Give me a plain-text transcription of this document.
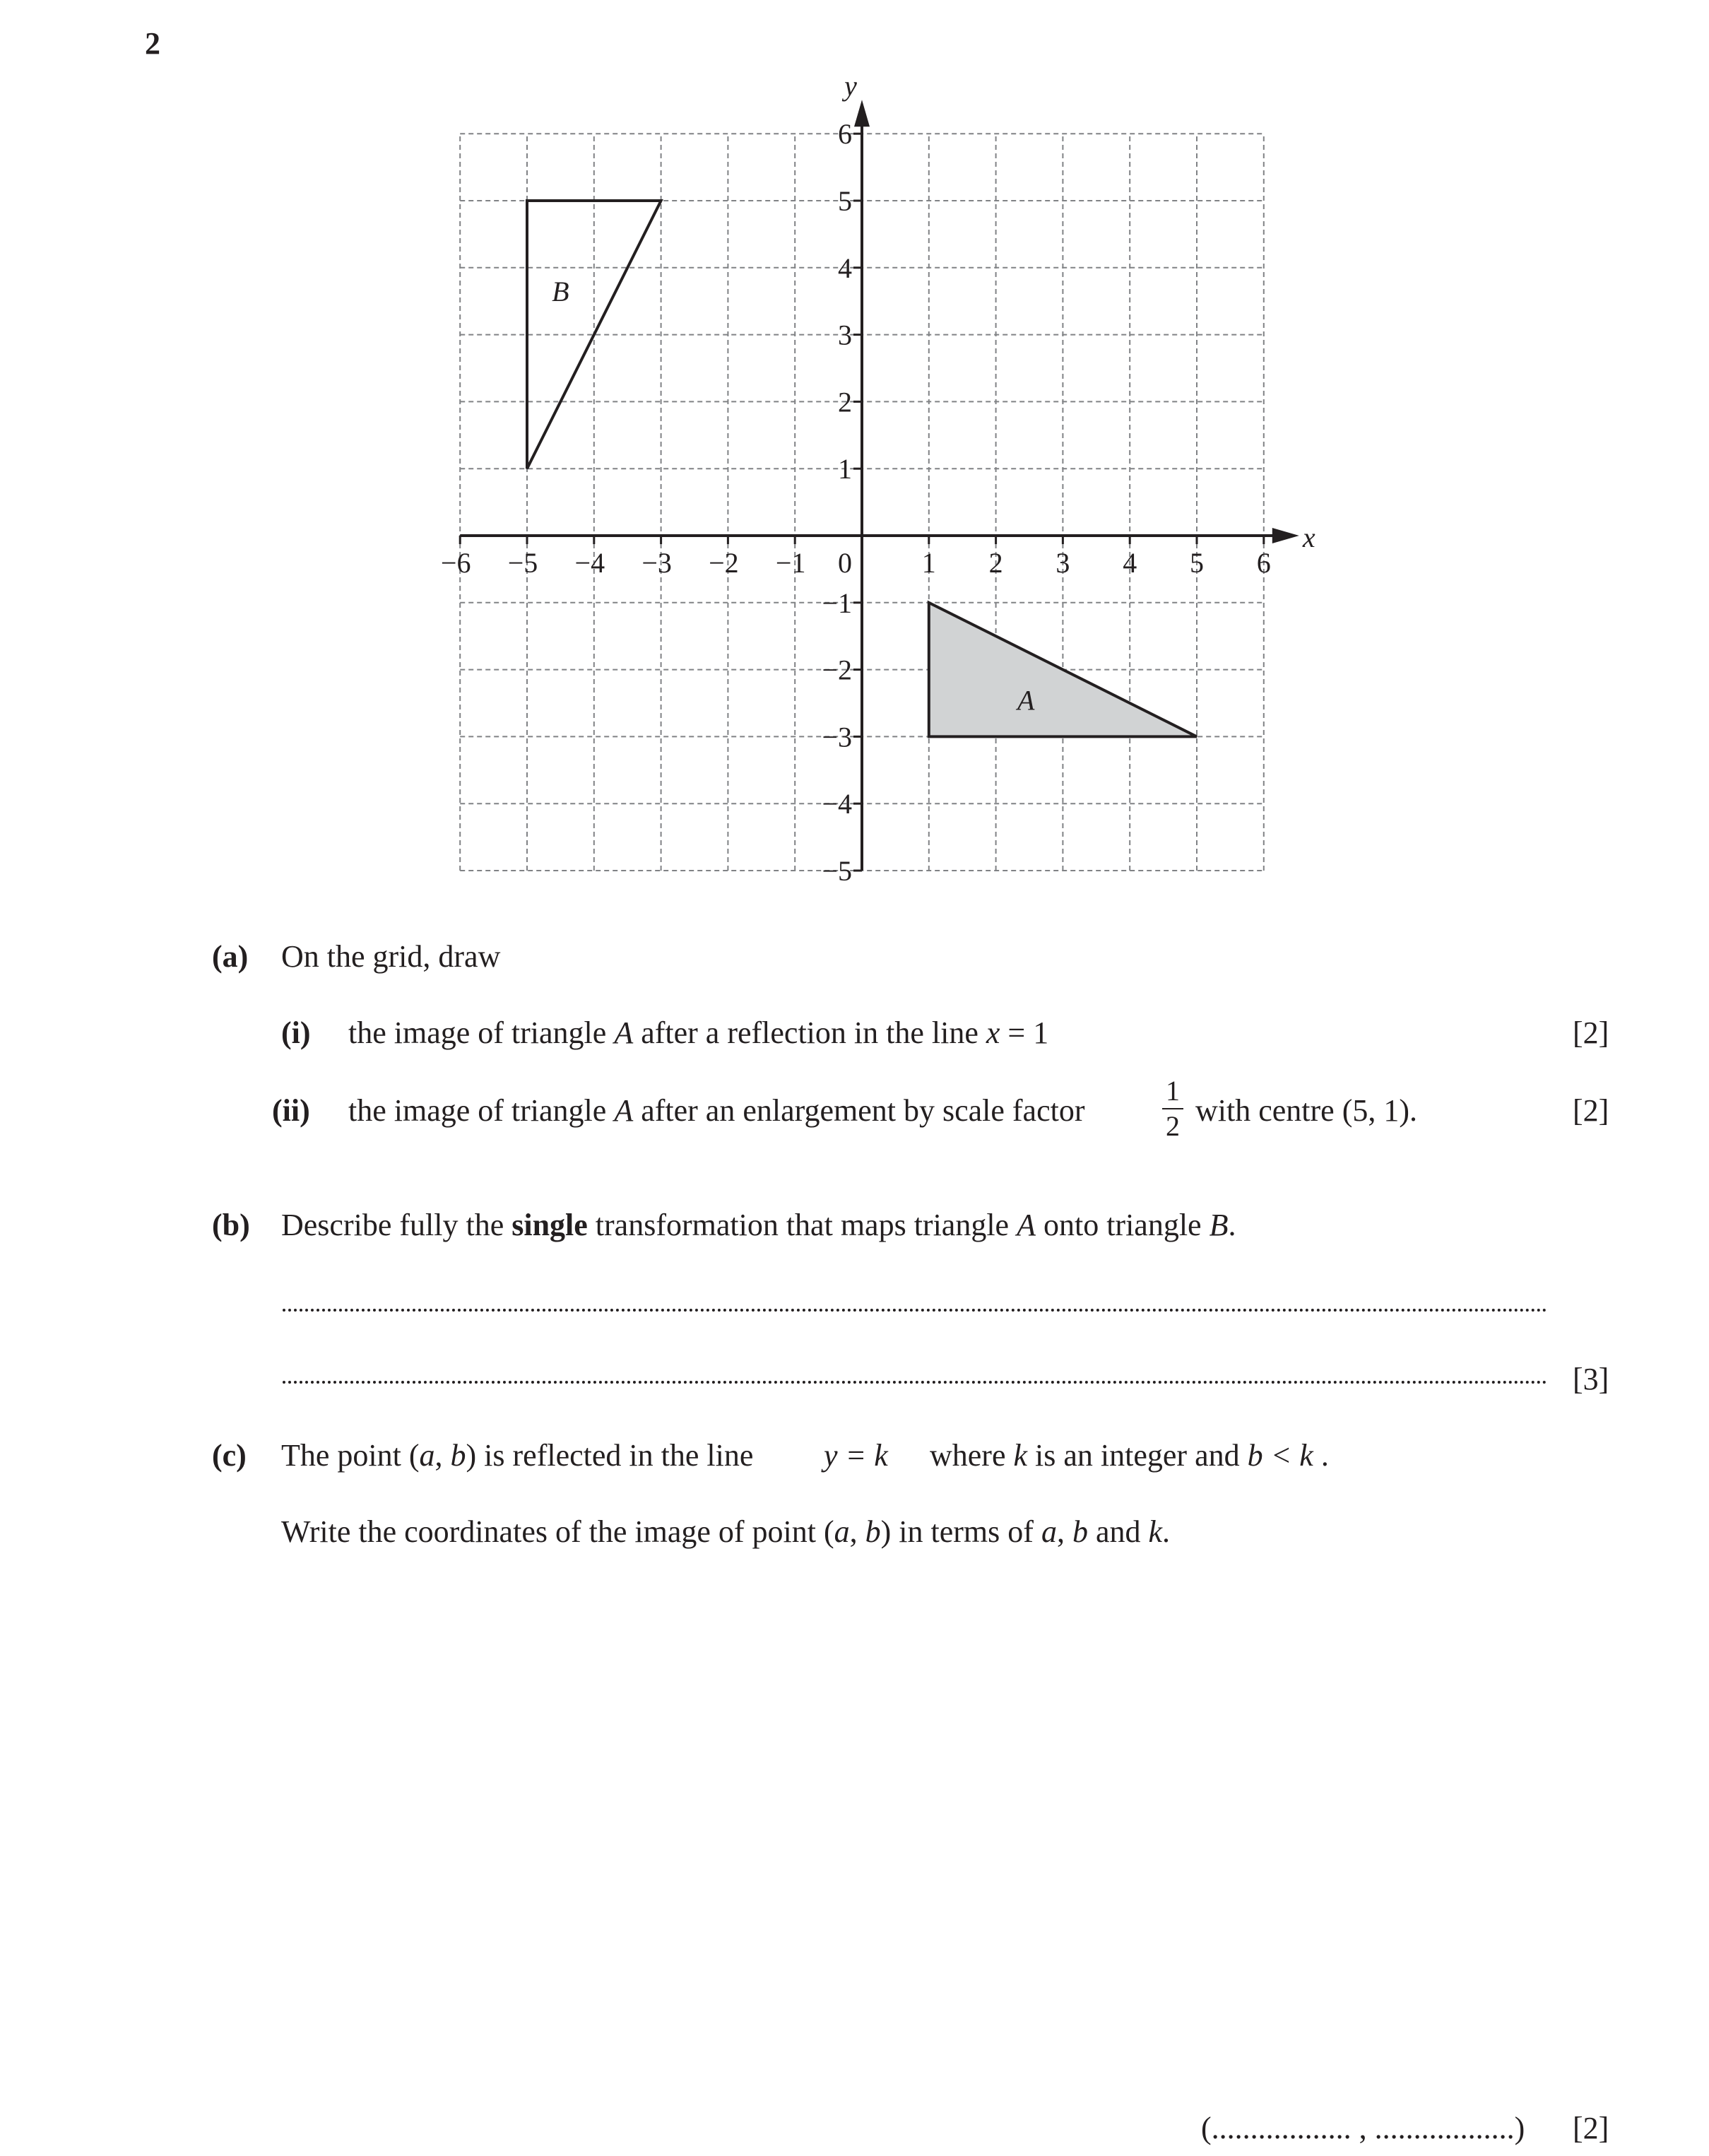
2
−6 −5 −4 −3 −2 −1	1 2 3 4 5 6
6
5
4
3
2
1
−1
−2
−3
−4
−5
0
x
y
A
B
(a) On the grid, draw
(i) the image of triangle A after a reflection in the line x = 1	[2]
(ii) the image of triangle A after an enlargement by scale factor
1
2 with centre (5, 1).	[2]
(b) Describe fully the single transformation that maps triangle A onto triangle B.
[3]
(c) The point (a, b) is reflected in the line y = k where k is an integer and b < k .
Write the coordinates of the image of point (a, b) in terms of a, b and k.
(.................. , ..................) [2]
